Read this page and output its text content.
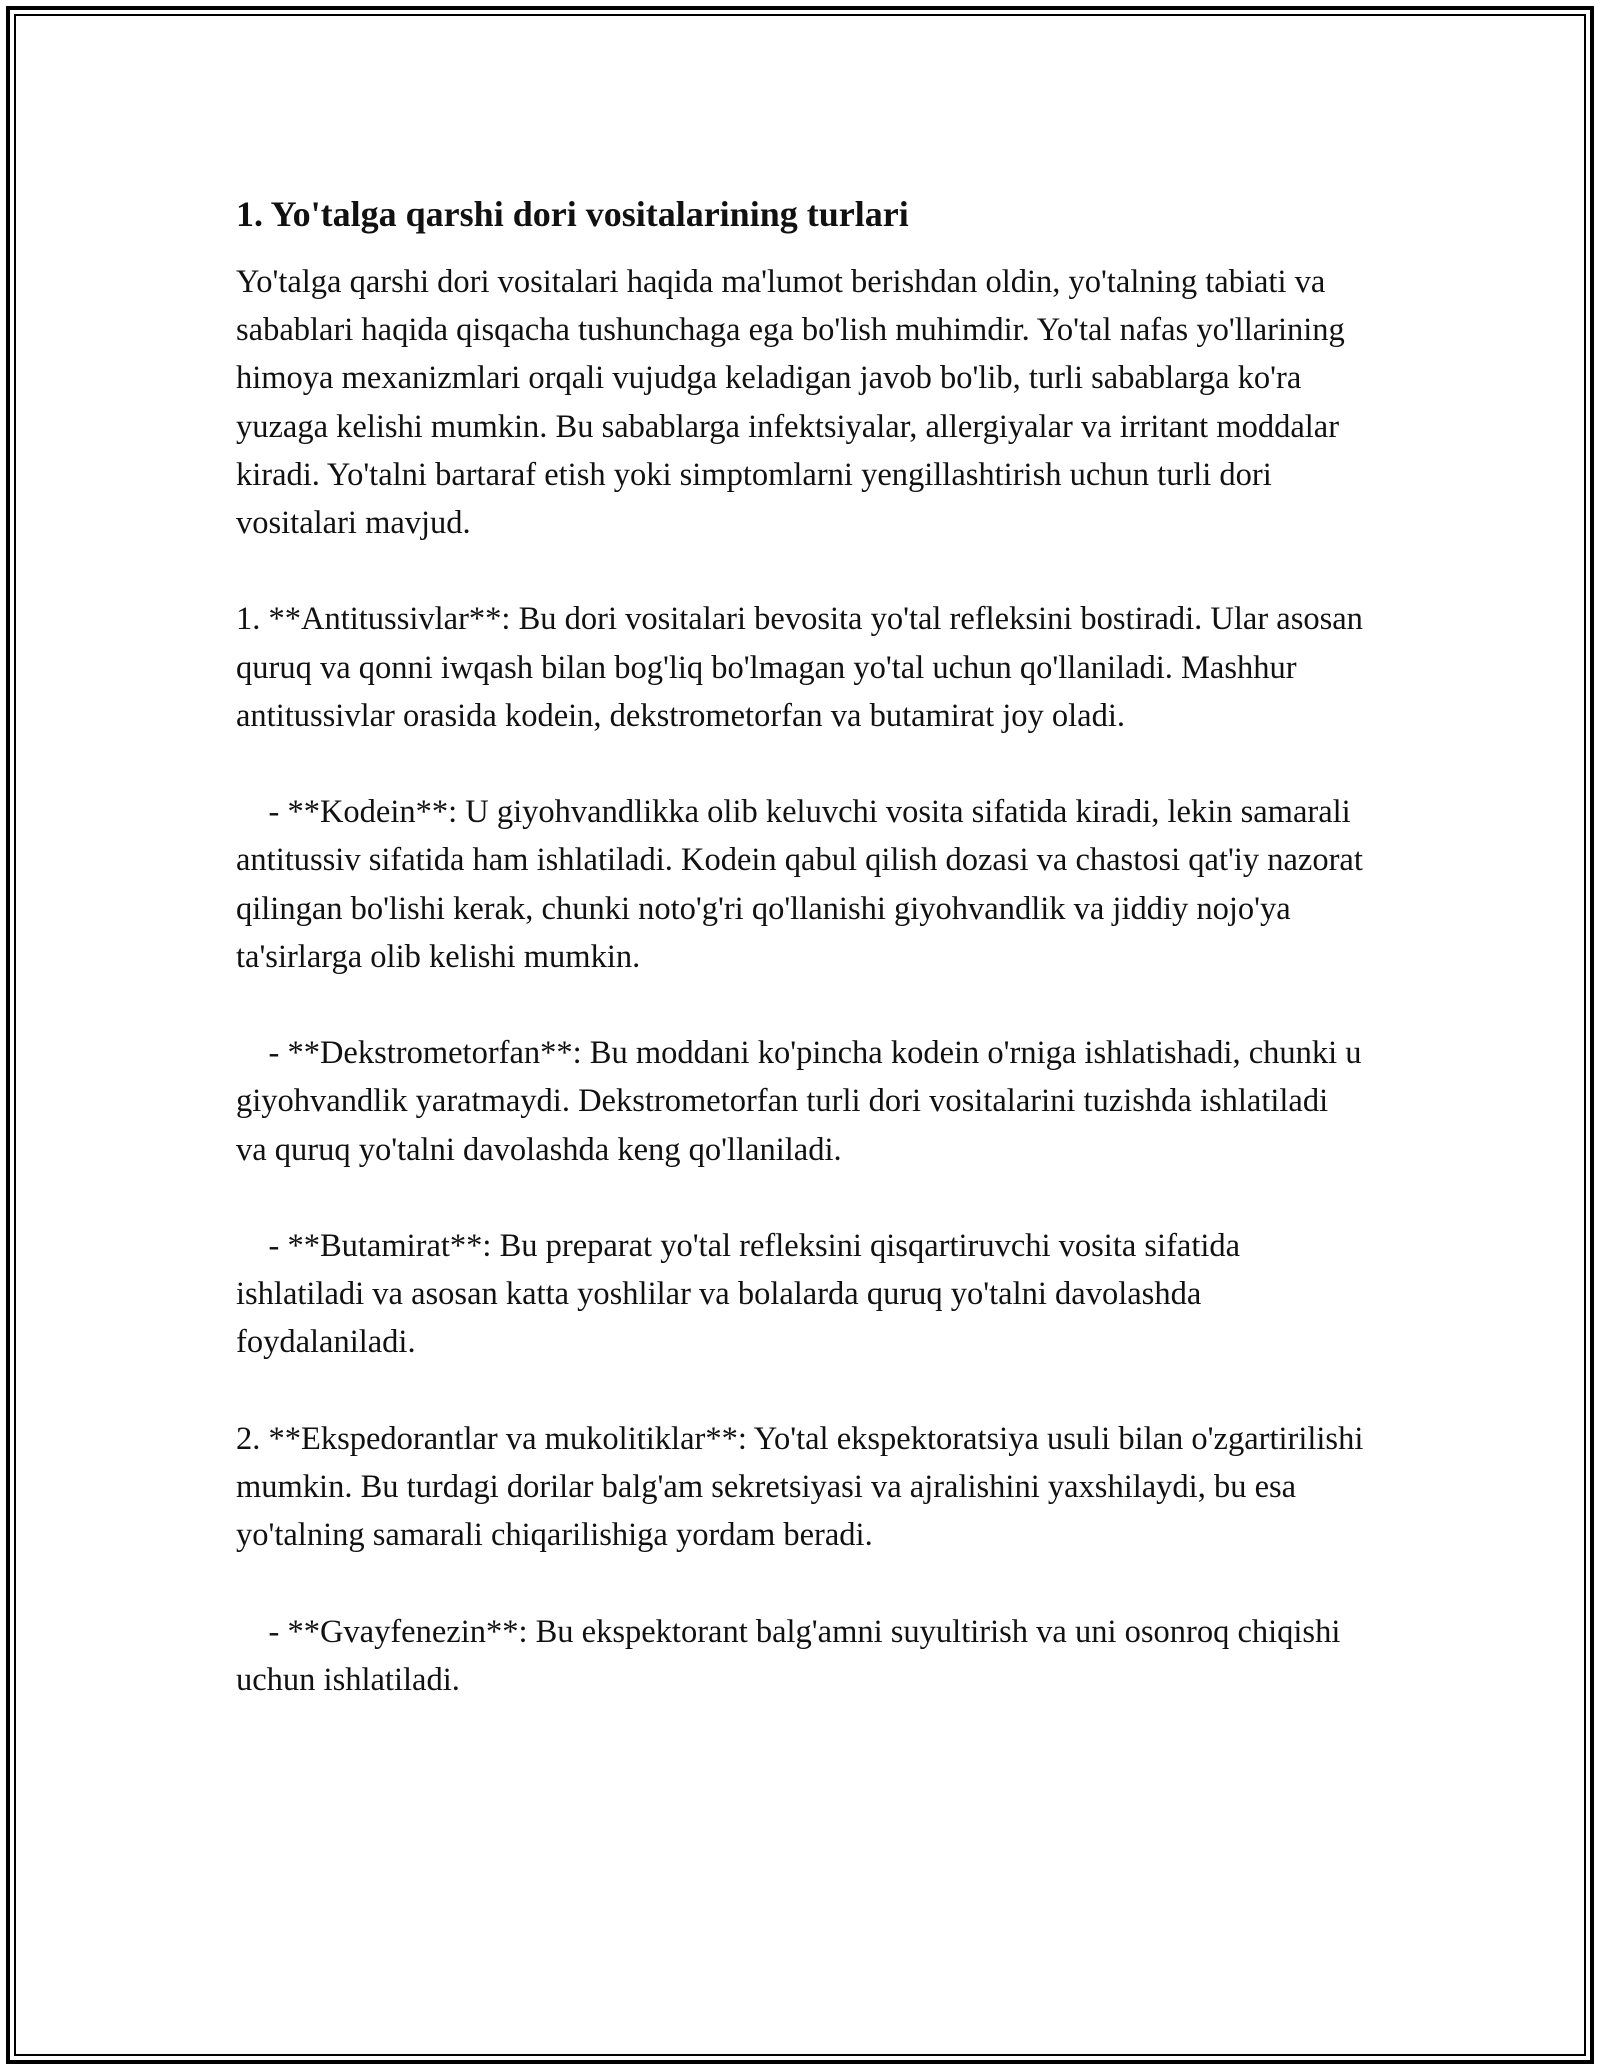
1. Yo'talga qarshi dori vositalarining turlari

Yo'talga qarshi dori vositalari haqida ma'lumot berishdan oldin, yo'talning tabiati va sabablari haqida qisqacha tushunchaga ega bo'lish muhimdir. Yo'tal nafas yo'llarining himoya mexanizmlari orqali vujudga keladigan javob bo'lib, turli sabablarga ko'ra yuzaga kelishi mumkin. Bu sabablarga infektsiyalar, allergiyalar va irritant moddalar kiradi. Yo'talni bartaraf etish yoki simptomlarni yengillashtirish uchun turli dori vositalari mavjud.

1. **Antitussivlar**: Bu dori vositalari bevosita yo'tal refleksini bostiradi. Ular asosan quruq va qonni iwqash bilan bog'liq bo'lmagan yo'tal uchun qo'llaniladi. Mashhur antitussivlar orasida kodein, dekstrometorfan va butamirat joy oladi.

- **Kodein**: U giyohvandlikka olib keluvchi vosita sifatida kiradi, lekin samarali antitussiv sifatida ham ishlatiladi. Kodein qabul qilish dozasi va chastosi qat'iy nazorat qilingan bo'lishi kerak, chunki noto'g'ri qo'llanishi giyohvandlik va jiddiy nojo'ya ta'sirlarga olib kelishi mumkin.

- **Dekstrometorfan**: Bu moddani ko'pincha kodein o'rniga ishlatishadi, chunki u giyohvandlik yaratmaydi. Dekstrometorfan turli dori vositalarini tuzishda ishlatiladi va quruq yo'talni davolashda keng qo'llaniladi.

- **Butamirat**: Bu preparat yo'tal refleksini qisqartiruvchi vosita sifatida ishlatiladi va asosan katta yoshlilar va bolalarda quruq yo'talni davolashda foydalaniladi.

2. **Ekspedorantlar va mukolitiklar**: Yo'tal ekspektoratsiya usuli bilan o'zgartirilishi mumkin. Bu turdagi dorilar balg'am sekretsiyasi va ajralishini yaxshilaydi, bu esa yo'talning samarali chiqarilishiga yordam beradi.

- **Gvayfenezin**: Bu ekspektorant balg'amni suyultirish va uni osonroq chiqishi uchun ishlatiladi.
